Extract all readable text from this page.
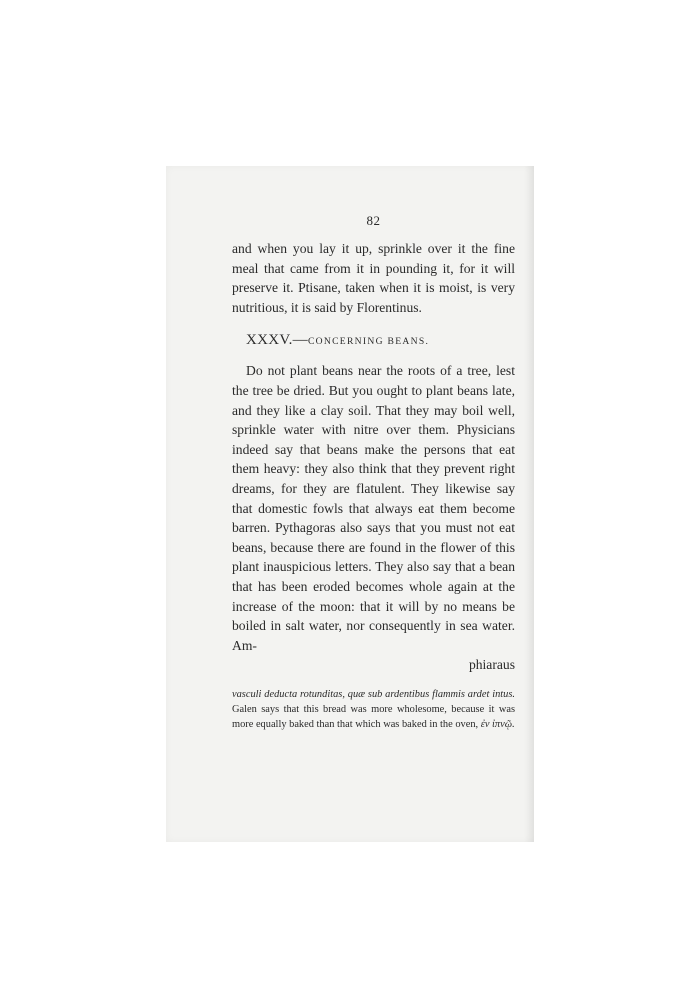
82

and when you lay it up, sprinkle over it the fine meal that came from it in pounding it, for it will preserve it. Ptisane, taken when it is moist, is very nutritious, it is said by Florentinus.

XXXV.—CONCERNING BEANS.

Do not plant beans near the roots of a tree, lest the tree be dried. But you ought to plant beans late, and they like a clay soil. That they may boil well, sprinkle water with nitre over them. Physicians indeed say that beans make the persons that eat them heavy: they also think that they prevent right dreams, for they are flatulent. They likewise say that domestic fowls that always eat them become barren. Pythagoras also says that you must not eat beans, because there are found in the flower of this plant inauspicious letters. They also say that a bean that has been eroded becomes whole again at the increase of the moon: that it will by no means be boiled in salt water, nor consequently in sea water. Am-

phiaraus

vasculi deducta rotunditas, quæ sub ardentibus flammis ardet intus. Galen says that this bread was more wholesome, because it was more equally baked than that which was baked in the oven, ἐν ἰπνῷ.
